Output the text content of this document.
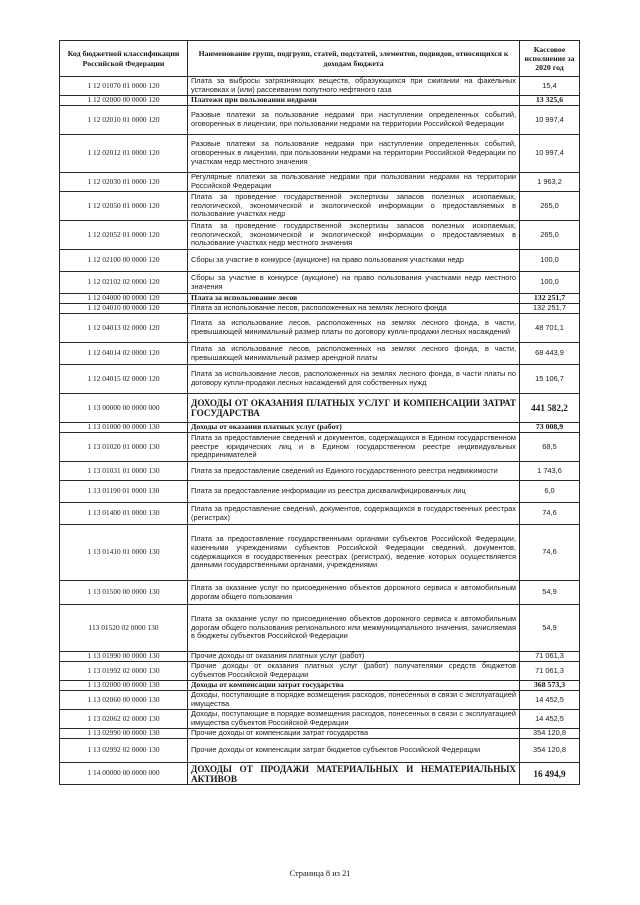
Код бюджетной классификации Российской Федерации	Наименование групп, подгрупп, статей, подстатей, элементов, подвидов, относящихся к доходам бюджета	Кассовое исполнение за 2020 год
1 12 01070 01 0000 120	Плата за выбросы загрязняющих веществ, образующихся при сжигании на факельных установках и (или) рассеивании попутного нефтяного газа	15,4
1 12 02000 00 0000 120	Платежи при пользовании недрами	13 325,6
1 12 02010 01 0000 120	Разовые платежи за пользование недрами при наступлении определенных событий, оговоренных в лицензии, при пользовании недрами на территории Российской Федерации	10 997,4
1 12 02012 01 0000 120	Разовые платежи за пользование недрами при наступлении определенных событий, оговоренных в лицензии, при пользовании недрами на территории Российской Федерации по участкам недр местного значения	10 997,4
1 12 02030 01 0000 120	Регулярные платежи за пользование недрами при пользовании недрами на территории Российской Федерации	1 963,2
1 12 02050 01 0000 120	Плата за проведение государственной экспертизы запасов полезных ископаемых, геологической, экономической и экологической информации о предоставляемых в пользование участках недр	265,0
1 12 02052 01 0000 120	Плата за проведение государственной экспертизы запасов полезных ископаемых, геологической, экономической и экологической информации о предоставляемых в пользование участках недр местного значения	265,0
1 12 02100 00 0000 120	Сборы за участие в конкурсе (аукционе) на право пользования участками недр	100,0
1 12 02102 02 0000 120	Сборы за участие в конкурсе (аукционе) на право пользования участками недр местного значения	100,0
1 12 04000 00 0000 120	Плата за использование лесов	132 251,7
1 12 04010 00 0000 120	Плата за использование лесов, расположенных на землях лесного фонда	132 251,7
1 12 04013 02 0000 120	Плата за использование лесов, расположенных на землях лесного фонда, в части, превышающей минимальный размер платы по договору купли-продажи лесных насаждений	48 701,1
1 12 04014 02 0000 120	Плата за использование лесов, расположенных на землях лесного фонда, в части, превышающей минимальный размер арендной платы	68 443,9
1 12 04015 02 0000 120	Плата за использование лесов, расположенных на землях лесного фонда, в части платы по договору купли-продажи лесных насаждений для собственных нужд	15 106,7
1 13 00000 00 0000 000	ДОХОДЫ ОТ ОКАЗАНИЯ ПЛАТНЫХ УСЛУГ И КОМПЕНСАЦИИ ЗАТРАТ ГОСУДАРСТВА	441 582,2
1 13 01000 00 0000 130	Доходы от оказания платных услуг (работ)	73 008,9
1 13 01020 01 0000 130	Плата за предоставление сведений и документов, содержащихся в Едином государственном реестре юридических лиц и в Едином государственном реестре индивидуальных предпринимателей	68,5
1 13 01031 01 0000 130	Плата за предоставление сведений из Единого государственного реестра недвижимости	1 743,6
1 13 01190 01 0000 130	Плата за предоставление информации из реестра дисквалифицированных лиц	6,0
1 13 01400 01 0000 130	Плата за предоставление сведений, документов, содержащихся в государственных реестрах (регистрах)	74,6
1 13 01410 01 0000 130	Плата за предоставление государственными органами субъектов Российской Федерации, казенными учреждениями субъектов Российской Федерации сведений, документов, содержащихся в государственных реестрах (регистрах), ведение которых осуществляется данными государственными органами, учреждениями	74,6
1 13 01500 00 0000 130	Плата за оказание услуг по присоединению объектов дорожного сервиса к автомобильным дорогам общего пользования	54,9
113 01520 02 0000 130	Плата за оказание услуг по присоединению объектов дорожного сервиса к автомобильным дорогам общего пользования регионального или межмуниципального значения, зачисляемая в бюджеты субъектов Российской Федерации	54,9
1 13 01990 00 0000 130	Прочие доходы от оказания платных услуг (работ)	71 061,3
1 13 01992 02 0000 130	Прочие доходы от оказания платных услуг (работ) получателями средств бюджетов субъектов Российской Федерации	71 061,3
1 13 02000 00 0000 130	Доходы от компенсации затрат государства	368 573,3
1 13 02060 00 0000 130	Доходы, поступающие в порядке возмещения расходов, понесенных в связи с эксплуатацией имущества	14 452,5
1 13 02062 02 0000 130	Доходы, поступающие в порядке возмещения расходов, понесенных в связи с эксплуатацией имущества субъектов Российской Федерации	14 452,5
1 13 02990 00 0000 130	Прочие доходы от компенсации затрат государства	354 120,8
1 13 02992 02 0000 130	Прочие доходы от компенсации затрат бюджетов субъектов Российской Федерации	354 120,8
1 14 00000 00 0000 000	ДОХОДЫ ОТ ПРОДАЖИ МАТЕРИАЛЬНЫХ И НЕМАТЕРИАЛЬНЫХ АКТИВОВ	16 494,9
Страница 8 из 21
